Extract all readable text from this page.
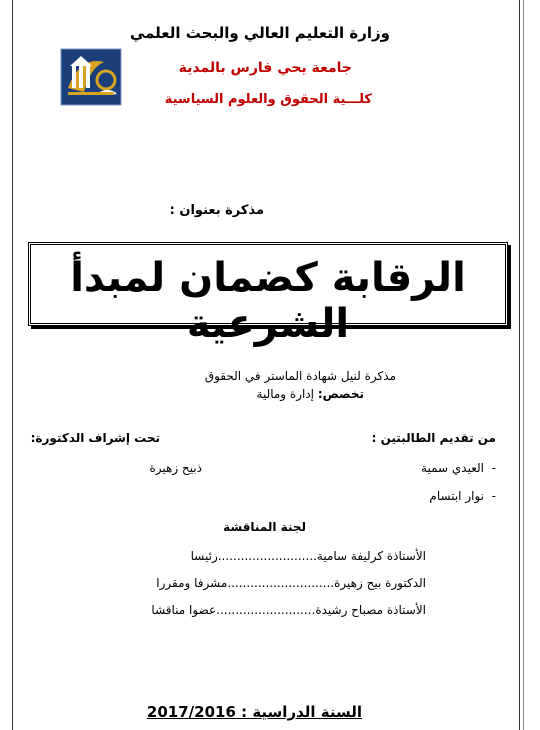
وزارة التعليم العالي والبحث العلمي
جامعة يحي فارس بالمدية
كلـــية الحقوق والعلوم السياسية
مذكرة بعنوان :
الرقابة كضمان لمبدأ الشرعية
مذكرة لنيل شهادة الماستر في الحقوق
تخصص: إدارة ومالية
من تقديم الطالبتين :
تحت إشراف الدكتورة:
-
العيدي سمية
-
نوار ابتسام
ذبيح زهيرة
لجنة المناقشة
الأستاذة كرليفة سامية..........................رئيسا
الدكتورة بيح زهيرة............................مشرفا ومقررا
الأستاذة مصباح رشيدة..........................عضوا مناقشا
السنة الدراسية : 2017/2016
